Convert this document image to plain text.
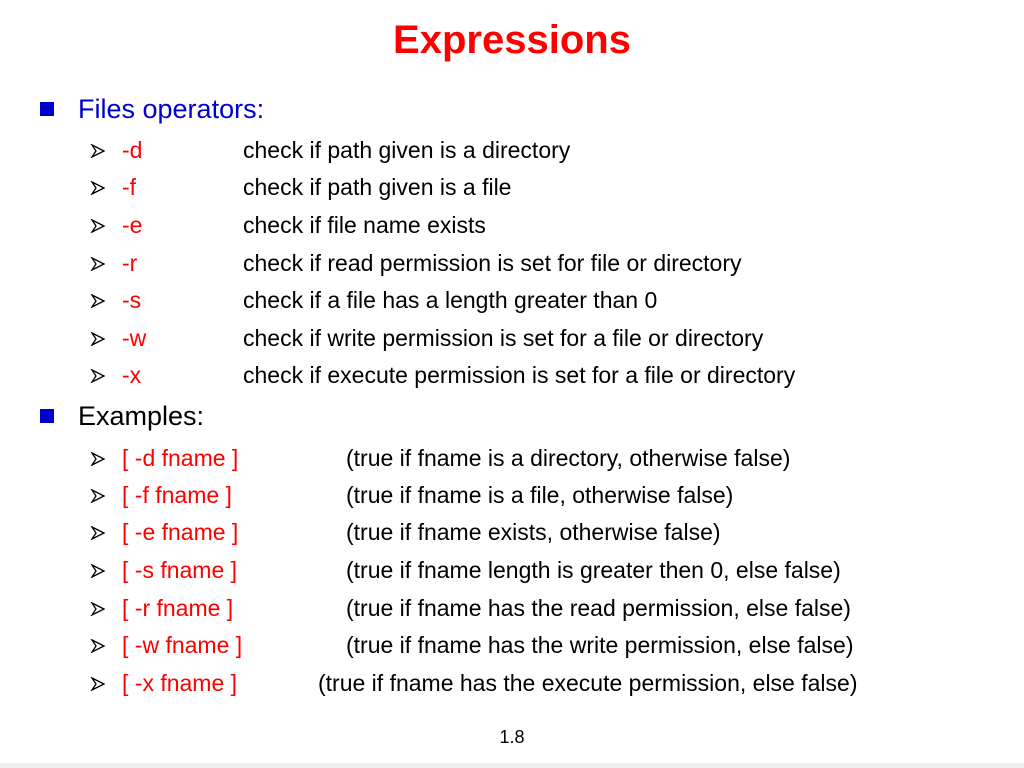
Expressions
Files operators:
-d	check if path given is a directory
-f	check if path given is a file
-e	check if file name exists
-r	check if read permission is set for file or directory
-s	check if a file has a length greater than 0
-w	check if write permission is set for a file or directory
-x	check if execute permission is set for a file or directory
Examples:
[ -d fname ]	(true if fname is a directory, otherwise false)
[ -f fname ]	(true if fname is a file, otherwise false)
[ -e fname ]	(true if fname exists, otherwise false)
[ -s fname ]	(true if fname length is greater then 0, else false)
[ -r fname ]	(true if fname has the read permission, else false)
[ -w fname ]	(true if fname has the write permission, else false)
[ -x fname ]	(true if fname has the execute permission, else false)
1.8
